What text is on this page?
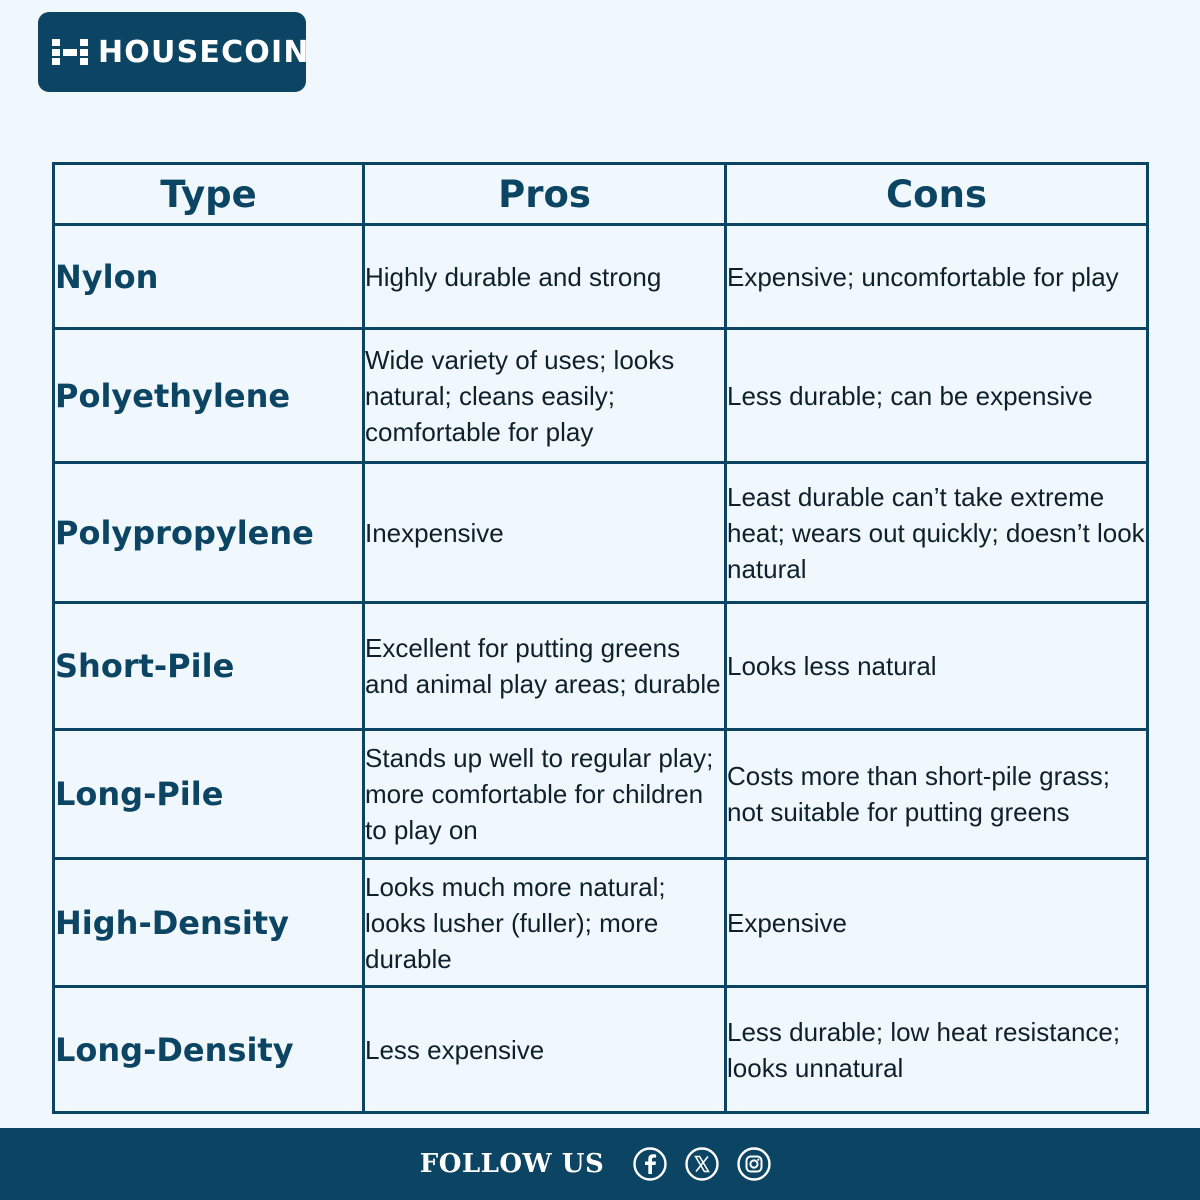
HOUSECOIN
Type	Pros	Cons
Nylon	Highly durable and strong	Expensive; uncomfortable for play
Polyethylene	Wide variety of uses; looks natural; cleans easily; comfortable for play	Less durable; can be expensive
Polypropylene	Inexpensive	Least durable can’t take extreme heat; wears out quickly; doesn’t look natural
Short-Pile	Excellent for putting greens and animal play areas; durable	Looks less natural
Long-Pile	Stands up well to regular play; more comfortable for children to play on	Costs more than short-pile grass; not suitable for putting greens
High-Density	Looks much more natural; looks lusher (fuller); more durable	Expensive
Long-Density	Less expensive	Less durable; low heat resistance; looks unnatural
FOLLOW US
